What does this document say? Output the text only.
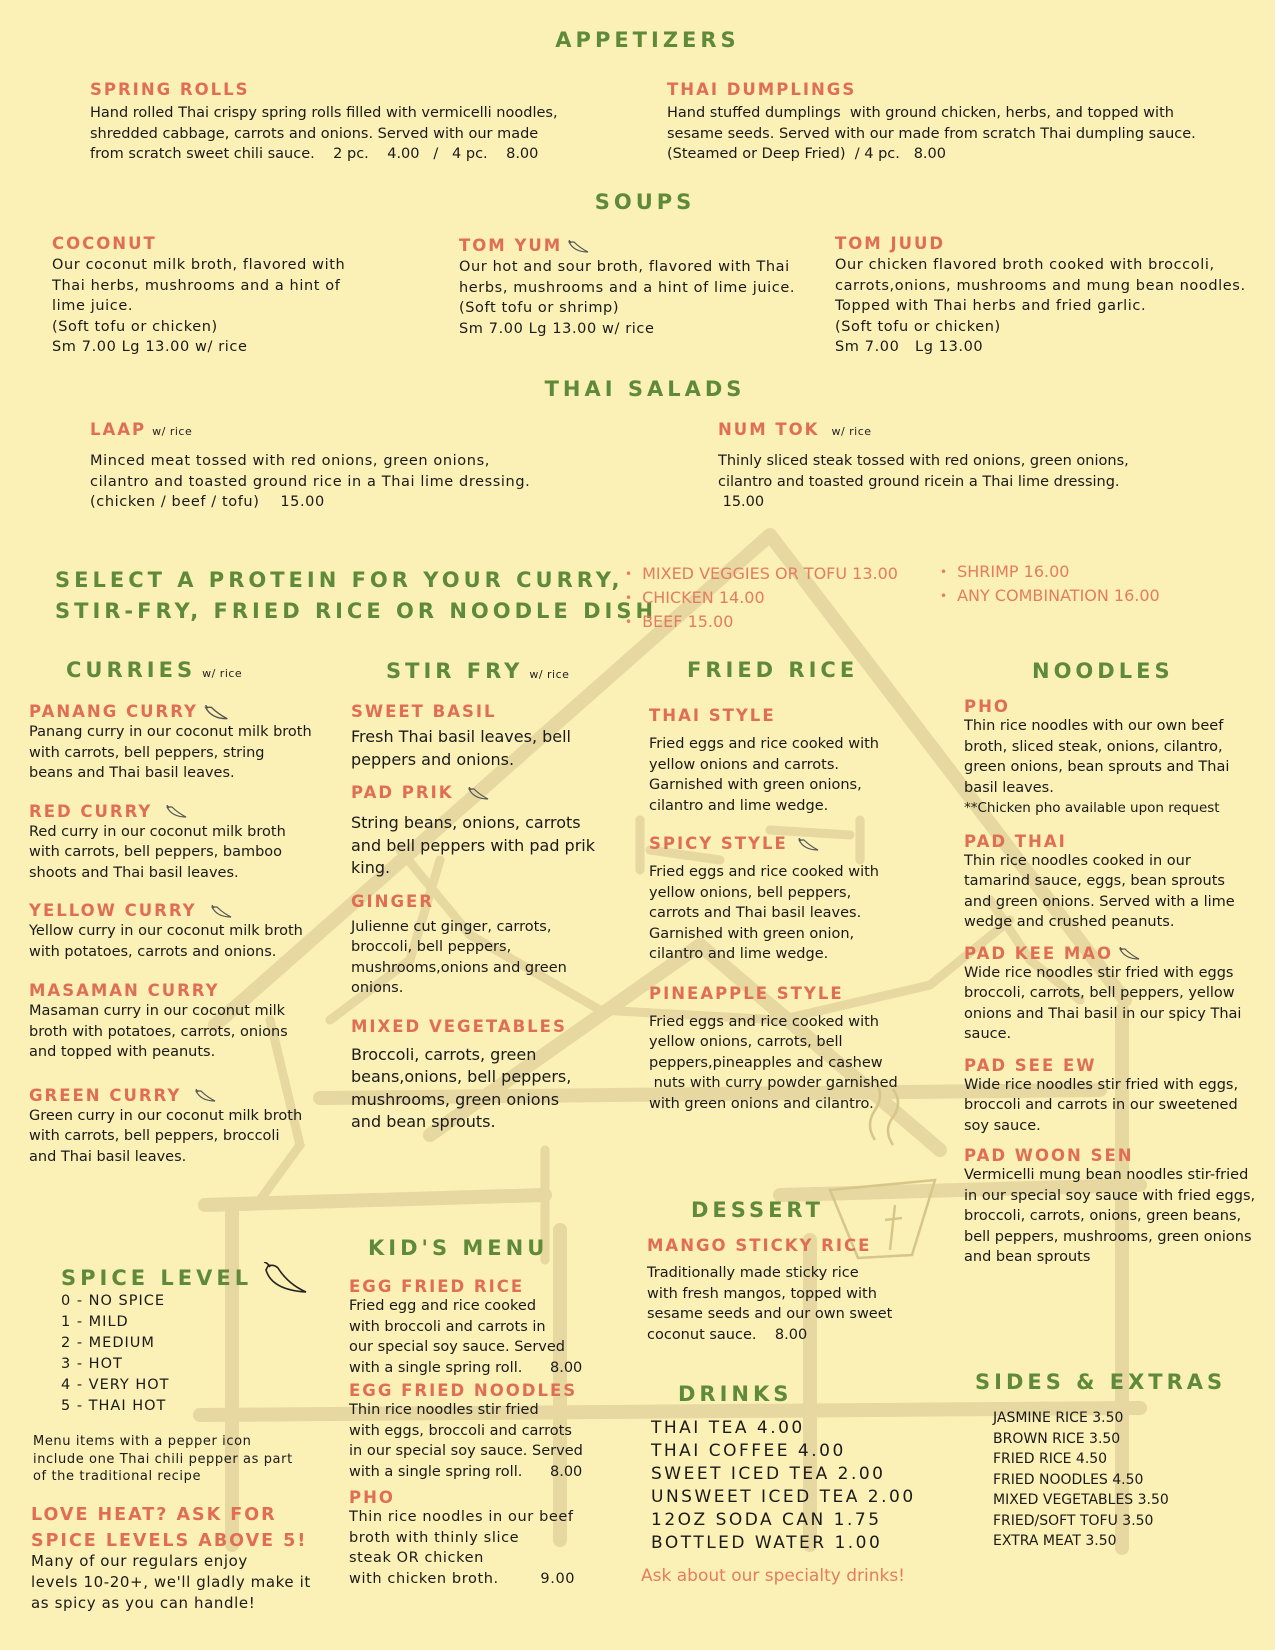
APPETIZERS
SPRING ROLLS
Hand rolled Thai crispy spring rolls filled with vermicelli noodles,
shredded cabbage, carrots and onions. Served with our made
from scratch sweet chili sauce.    2 pc.    4.00   /   4 pc.    8.00
THAI DUMPLINGS
Hand stuffed dumplings  with ground chicken, herbs, and topped with
sesame seeds. Served with our made from scratch Thai dumpling sauce.
(Steamed or Deep Fried)  / 4 pc.   8.00
SOUPS
COCONUT
Our coconut milk broth, flavored with
Thai herbs, mushrooms and a hint of
lime juice.
(Soft tofu or chicken)
Sm 7.00 Lg 13.00 w/ rice
TOM YUM
Our hot and sour broth, flavored with Thai
herbs, mushrooms and a hint of lime juice.
(Soft tofu or shrimp)
Sm 7.00 Lg 13.00 w/ rice
TOM JUUD
Our chicken flavored broth cooked with broccoli,
carrots,onions, mushrooms and mung bean noodles.
Topped with Thai herbs and fried garlic.
(Soft tofu or chicken)
Sm 7.00   Lg 13.00
THAI SALADS
LAAP w/ rice
Minced meat tossed with red onions, green onions,
cilantro and toasted ground rice in a Thai lime dressing.
(chicken / beef / tofu)    15.00
NUM TOK w/ rice
Thinly sliced steak tossed with red onions, green onions,
cilantro and toasted ground ricein a Thai lime dressing.
15.00
SELECT A PROTEIN FOR YOUR CURRY,
STIR-FRY, FRIED RICE OR NOODLE DISH
• MIXED VEGGIES OR TOFU 13.00
• CHICKEN 14.00
• BEEF 15.00
• SHRIMP 16.00
• ANY COMBINATION 16.00
CURRIES w/ rice
PANANG CURRY
Panang curry in our coconut milk broth
with carrots, bell peppers, string
beans and Thai basil leaves.
RED CURRY
Red curry in our coconut milk broth
with carrots, bell peppers, bamboo
shoots and Thai basil leaves.
YELLOW CURRY
Yellow curry in our coconut milk broth
with potatoes, carrots and onions.
MASAMAN CURRY
Masaman curry in our coconut milk
broth with potatoes, carrots, onions
and topped with peanuts.
GREEN CURRY
Green curry in our coconut milk broth
with carrots, bell peppers, broccoli
and Thai basil leaves.
STIR FRY w/ rice
SWEET BASIL
Fresh Thai basil leaves, bell
peppers and onions.
PAD PRIK
String beans, onions, carrots
and bell peppers with pad prik
king.
GINGER
Julienne cut ginger, carrots,
broccoli, bell peppers,
mushrooms,onions and green
onions.
MIXED VEGETABLES
Broccoli, carrots, green
beans,onions, bell peppers,
mushrooms, green onions
and bean sprouts.
FRIED RICE
THAI STYLE
Fried eggs and rice cooked with
yellow onions and carrots.
Garnished with green onions,
cilantro and lime wedge.
SPICY STYLE
Fried eggs and rice cooked with
yellow onions, bell peppers,
carrots and Thai basil leaves.
Garnished with green onion,
cilantro and lime wedge.
PINEAPPLE STYLE
Fried eggs and rice cooked with
yellow onions, carrots, bell
peppers,pineapples and cashew
nuts with curry powder garnished
with green onions and cilantro.
NOODLES
PHO
Thin rice noodles with our own beef
broth, sliced steak, onions, cilantro,
green onions, bean sprouts and Thai
basil leaves.
**Chicken pho available upon request
PAD THAI
Thin rice noodles cooked in our
tamarind sauce, eggs, bean sprouts
and green onions. Served with a lime
wedge and crushed peanuts.
PAD KEE MAO
Wide rice noodles stir fried with eggs
broccoli, carrots, bell peppers, yellow
onions and Thai basil in our spicy Thai
sauce.
PAD SEE EW
Wide rice noodles stir fried with eggs,
broccoli and carrots in our sweetened
soy sauce.
PAD WOON SEN
Vermicelli mung bean noodles stir-fried
in our special soy sauce with fried eggs,
broccoli, carrots, onions, green beans,
bell peppers, mushrooms, green onions
and bean sprouts
SPICE LEVEL
0 - NO SPICE
1 - MILD
2 - MEDIUM
3 - HOT
4 - VERY HOT
5 - THAI HOT
Menu items with a pepper icon
include one Thai chili pepper as part
of the traditional recipe
LOVE HEAT? ASK FOR
SPICE LEVELS ABOVE 5!
Many of our regulars enjoy
levels 10-20+, we'll gladly make it
as spicy as you can handle!
KID'S MENU
EGG FRIED RICE
Fried egg and rice cooked
with broccoli and carrots in
our special soy sauce. Served
with a single spring roll.      8.00
EGG FRIED NOODLES
Thin rice noodles stir fried
with eggs, broccoli and carrots
in our special soy sauce. Served
with a single spring roll.      8.00
PHO
Thin rice noodles in our beef
broth with thinly slice
steak OR chicken
with chicken broth.        9.00
DESSERT
MANGO STICKY RICE
Traditionally made sticky rice
with fresh mangos, topped with
sesame seeds and our own sweet
coconut sauce.    8.00
DRINKS
THAI TEA 4.00
THAI COFFEE 4.00
SWEET ICED TEA 2.00
UNSWEET ICED TEA 2.00
12OZ SODA CAN 1.75
BOTTLED WATER 1.00
Ask about our specialty drinks!
SIDES & EXTRAS
JASMINE RICE 3.50
BROWN RICE 3.50
FRIED RICE 4.50
FRIED NOODLES 4.50
MIXED VEGETABLES 3.50
FRIED/SOFT TOFU 3.50
EXTRA MEAT 3.50
